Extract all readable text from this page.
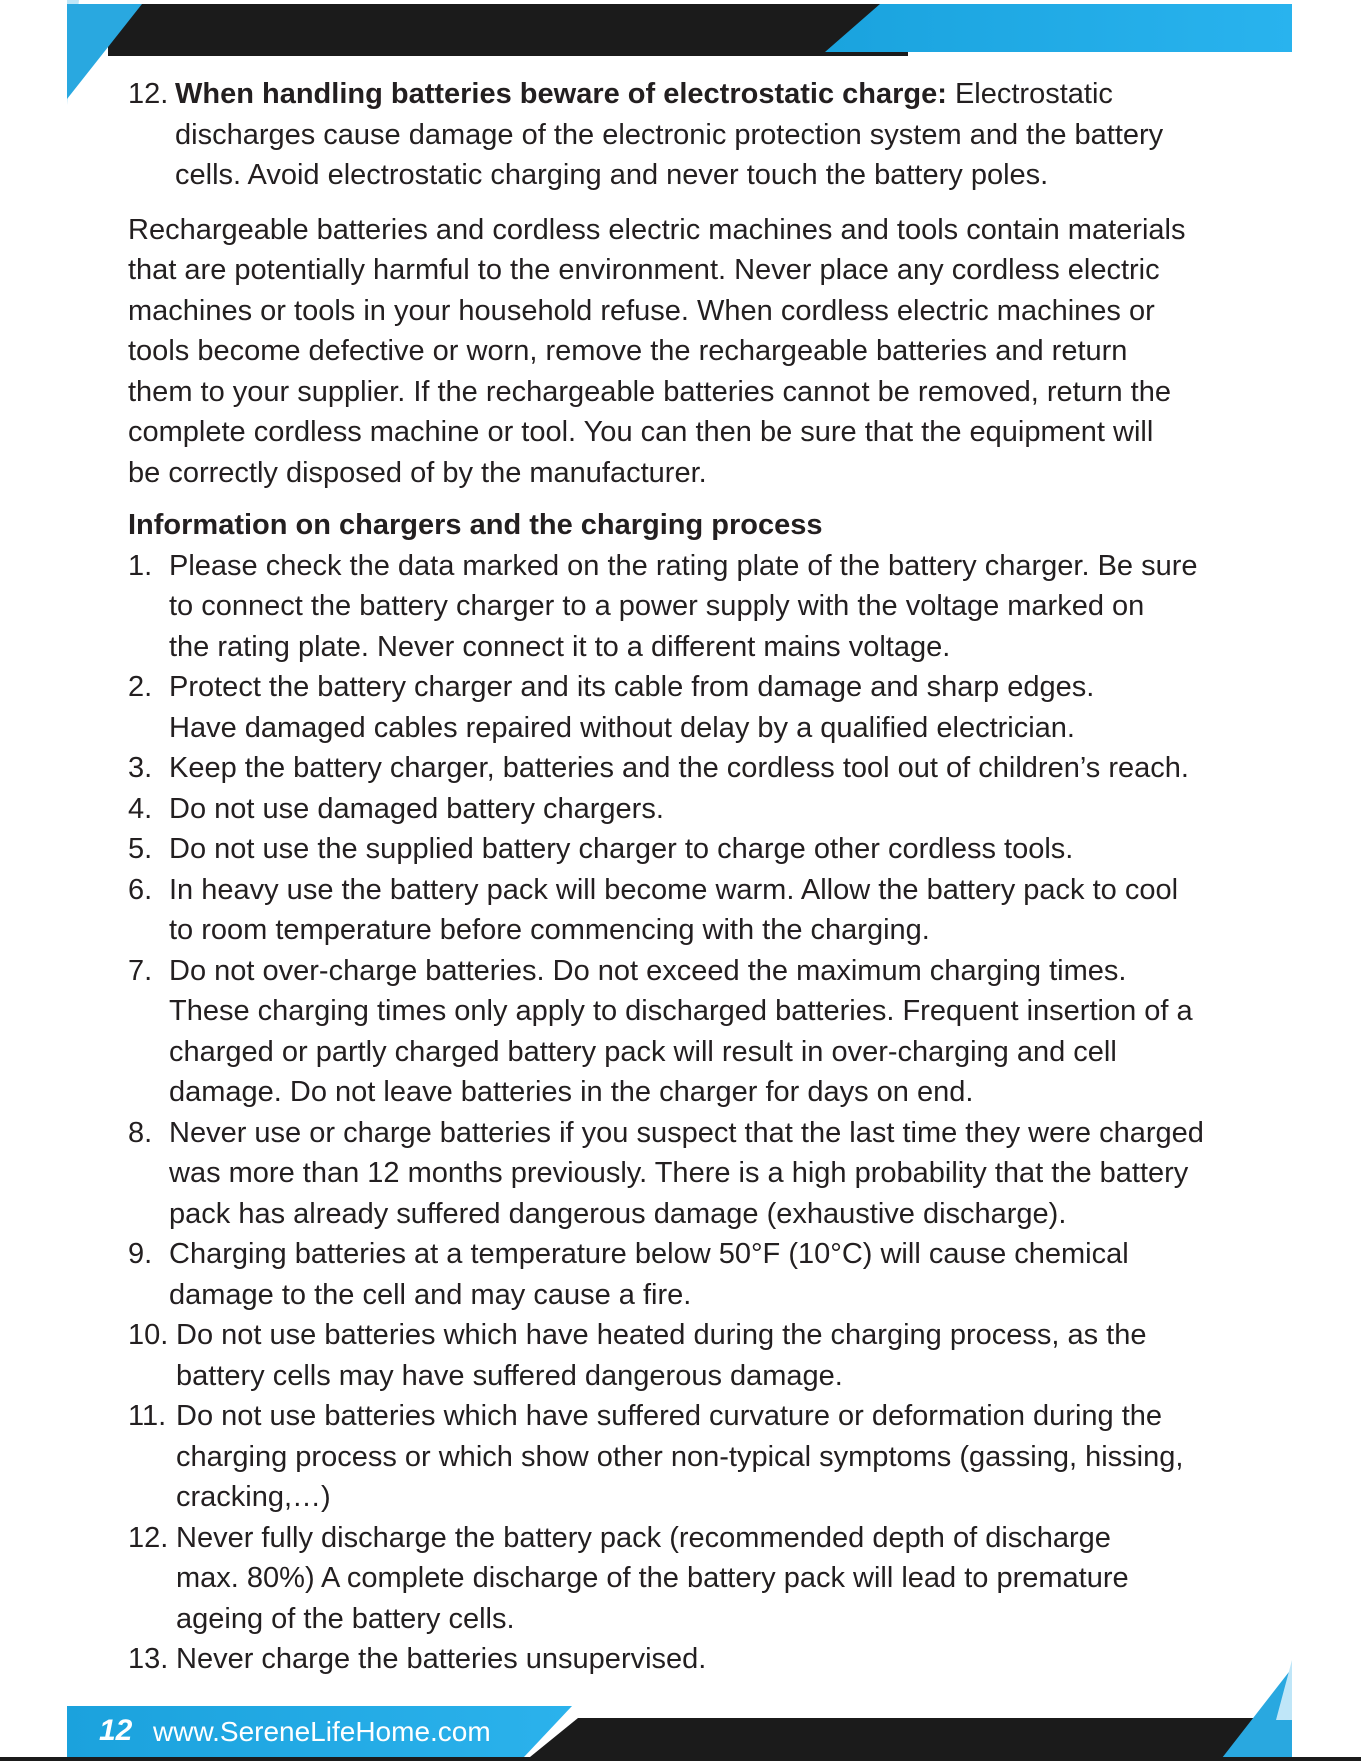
12. When handling batteries beware of electrostatic charge: Electrostatic
discharges cause damage of the electronic protection system and the battery
cells. Avoid electrostatic charging and never touch the battery poles.
Rechargeable batteries and cordless electric machines and tools contain materials
that are potentially harmful to the environment. Never place any cordless electric
machines or tools in your household refuse. When cordless electric machines or
tools become defective or worn, remove the rechargeable batteries and return
them to your supplier. If the rechargeable batteries cannot be removed, return the
complete cordless machine or tool. You can then be sure that the equipment will
be correctly disposed of by the manufacturer.
Information on chargers and the charging process
1. Please check the data marked on the rating plate of the battery charger. Be sure
to connect the battery charger to a power supply with the voltage marked on
the rating plate. Never connect it to a different mains voltage.
2. Protect the battery charger and its cable from damage and sharp edges.
Have damaged cables repaired without delay by a qualified electrician.
3. Keep the battery charger, batteries and the cordless tool out of children’s reach.
4. Do not use damaged battery chargers.
5. Do not use the supplied battery charger to charge other cordless tools.
6. In heavy use the battery pack will become warm. Allow the battery pack to cool
to room temperature before commencing with the charging.
7. Do not over-charge batteries. Do not exceed the maximum charging times.
These charging times only apply to discharged batteries. Frequent insertion of a
charged or partly charged battery pack will result in over-charging and cell
damage. Do not leave batteries in the charger for days on end.
8. Never use or charge batteries if you suspect that the last time they were charged
was more than 12 months previously. There is a high probability that the battery
pack has already suffered dangerous damage (exhaustive discharge).
9. Charging batteries at a temperature below 50°F (10°C) will cause chemical
damage to the cell and may cause a fire.
10. Do not use batteries which have heated during the charging process, as the
battery cells may have suffered dangerous damage.
11. Do not use batteries which have suffered curvature or deformation during the
charging process or which show other non-typical symptoms (gassing, hissing,
cracking,…)
12. Never fully discharge the battery pack (recommended depth of discharge
max. 80%) A complete discharge of the battery pack will lead to premature
ageing of the battery cells.
13. Never charge the batteries unsupervised.
12 www.SereneLifeHome.com
